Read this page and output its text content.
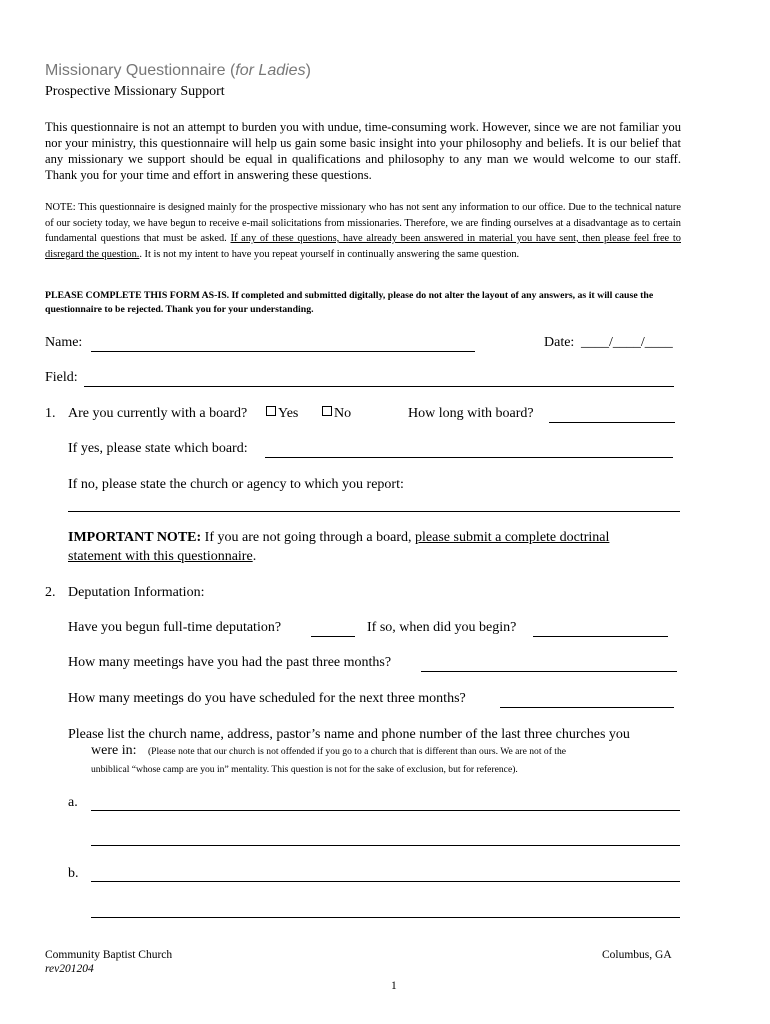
Missionary Questionnaire (for Ladies)
Prospective Missionary Support
This questionnaire is not an attempt to burden you with undue, time-consuming work. However, since we are not familiar you nor your ministry, this questionnaire will help us gain some basic insight into your philosophy and beliefs. It is our belief that any missionary we support should be equal in qualifications and philosophy to any man we would welcome to our staff. Thank you for your time and effort in answering these questions.
NOTE: This questionnaire is designed mainly for the prospective missionary who has not sent any information to our office. Due to the technical nature of our society today, we have begun to receive e-mail solicitations from missionaries. Therefore, we are finding ourselves at a disadvantage as to certain fundamental questions that must be asked. If any of these questions, have already been answered in material you have sent, then please feel free to disregard the question.. It is not my intent to have you repeat yourself in continually answering the same question.
PLEASE COMPLETE THIS FORM AS-IS. If completed and submitted digitally, please do not alter the layout of any answers, as it will cause the questionnaire to be rejected. Thank you for your understanding.
Name:	Date: ____/____/____
Field:
1. Are you currently with a board?	Yes	No	How long with board?
If yes, please state which board:
If no, please state the church or agency to which you report:
IMPORTANT NOTE: If you are not going through a board, please submit a complete doctrinal
statement with this questionnaire.
2. Deputation Information:
Have you begun full-time deputation?	If so, when did you begin?
How many meetings have you had the past three months?
How many meetings do you have scheduled for the next three months?
Please list the church name, address, pastor’s name and phone number of the last three churches you
were in: (Please note that our church is not offended if you go to a church that is different than ours. We are not of the
unbiblical “whose camp are you in” mentality. This question is not for the sake of exclusion, but for reference).
a.
b.
Community Baptist Church
rev201204
Columbus, GA
1
